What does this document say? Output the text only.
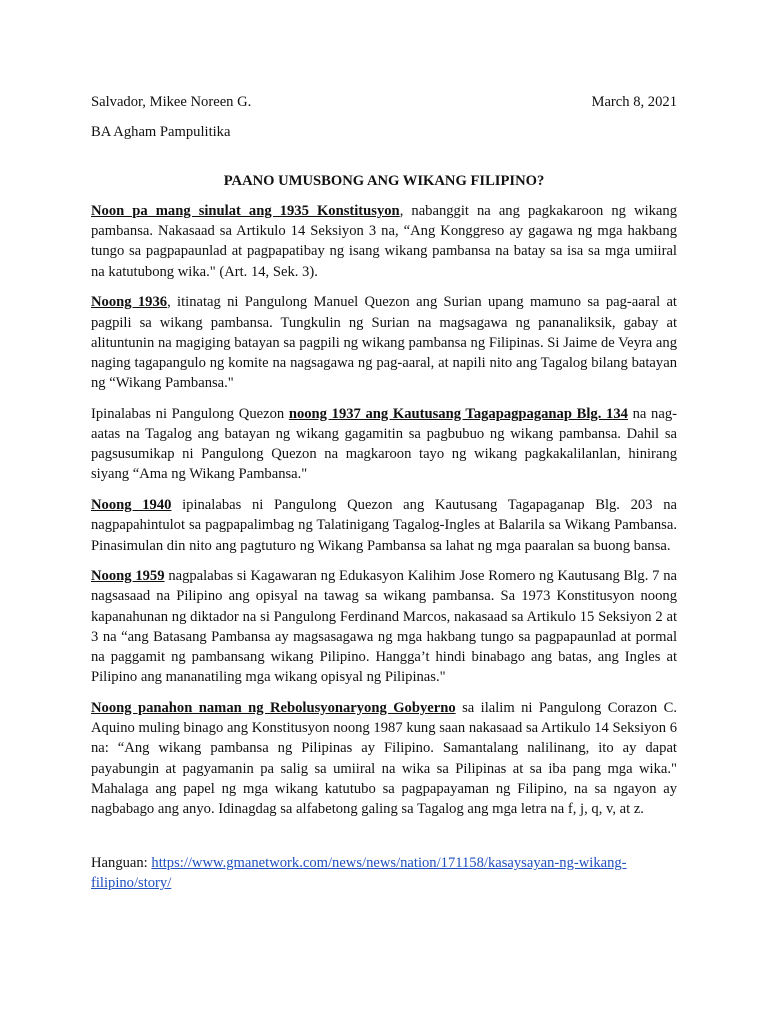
Salvador, Mikee Noreen G.	March 8, 2021
BA Agham Pampulitika
PAANO UMUSBONG ANG WIKANG FILIPINO?

Noon pa mang sinulat ang 1935 Konstitusyon, nabanggit na ang pagkakaroon ng wikang pambansa. Nakasaad sa Artikulo 14 Seksiyon 3 na, “Ang Konggreso ay gagawa ng mga hakbang tungo sa pagpapaunlad at pagpapatibay ng isang wikang pambansa na batay sa isa sa mga umiiral na katutubong wika." (Art. 14, Sek. 3).

Noong 1936, itinatag ni Pangulong Manuel Quezon ang Surian upang mamuno sa pag-aaral at pagpili sa wikang pambansa. Tungkulin ng Surian na magsagawa ng pananaliksik, gabay at alituntunin na magiging batayan sa pagpili ng wikang pambansa ng Filipinas. Si Jaime de Veyra ang naging tagapangulo ng komite na nagsagawa ng pag-aaral, at napili nito ang Tagalog bilang batayan ng “Wikang Pambansa."

Ipinalabas ni Pangulong Quezon noong 1937 ang Kautusang Tagapagpaganap Blg. 134 na nag-aatas na Tagalog ang batayan ng wikang gagamitin sa pagbubuo ng wikang pambansa. Dahil sa pagsusumikap ni Pangulong Quezon na magkaroon tayo ng wikang pagkakalilanlan, hinirang siyang “Ama ng Wikang Pambansa."

Noong 1940 ipinalabas ni Pangulong Quezon ang Kautusang Tagapaganap Blg. 203 na nagpapahintulot sa pagpapalimbag ng Talatinigang Tagalog-Ingles at Balarila sa Wikang Pambansa. Pinasimulan din nito ang pagtuturo ng Wikang Pambansa sa lahat ng mga paaralan sa buong bansa.

Noong 1959 nagpalabas si Kagawaran ng Edukasyon Kalihim Jose Romero ng Kautusang Blg. 7 na nagsasaad na Pilipino ang opisyal na tawag sa wikang pambansa. Sa 1973 Konstitusyon noong kapanahunan ng diktador na si Pangulong Ferdinand Marcos, nakasaad sa Artikulo 15 Seksiyon 2 at 3 na “ang Batasang Pambansa ay magsasagawa ng mga hakbang tungo sa pagpapaunlad at pormal na paggamit ng pambansang wikang Pilipino. Hangga’t hindi binabago ang batas, ang Ingles at Pilipino ang mananatiling mga wikang opisyal ng Pilipinas."

Noong panahon naman ng Rebolusyonaryong Gobyerno sa ilalim ni Pangulong Corazon C. Aquino muling binago ang Konstitusyon noong 1987 kung saan nakasaad sa Artikulo 14 Seksiyon 6 na: “Ang wikang pambansa ng Pilipinas ay Filipino. Samantalang nalilinang, ito ay dapat payabungin at pagyamanin pa salig sa umiiral na wika sa Pilipinas at sa iba pang mga wika." Mahalaga ang papel ng mga wikang katutubo sa pagpapayaman ng Filipino, na sa ngayon ay nagbabago ang anyo. Idinagdag sa alfabetong galing sa Tagalog ang mga letra na f, j, q, v, at z.

Hanguan: https://www.gmanetwork.com/news/news/nation/171158/kasaysayan-ng-wikang-filipino/story/
